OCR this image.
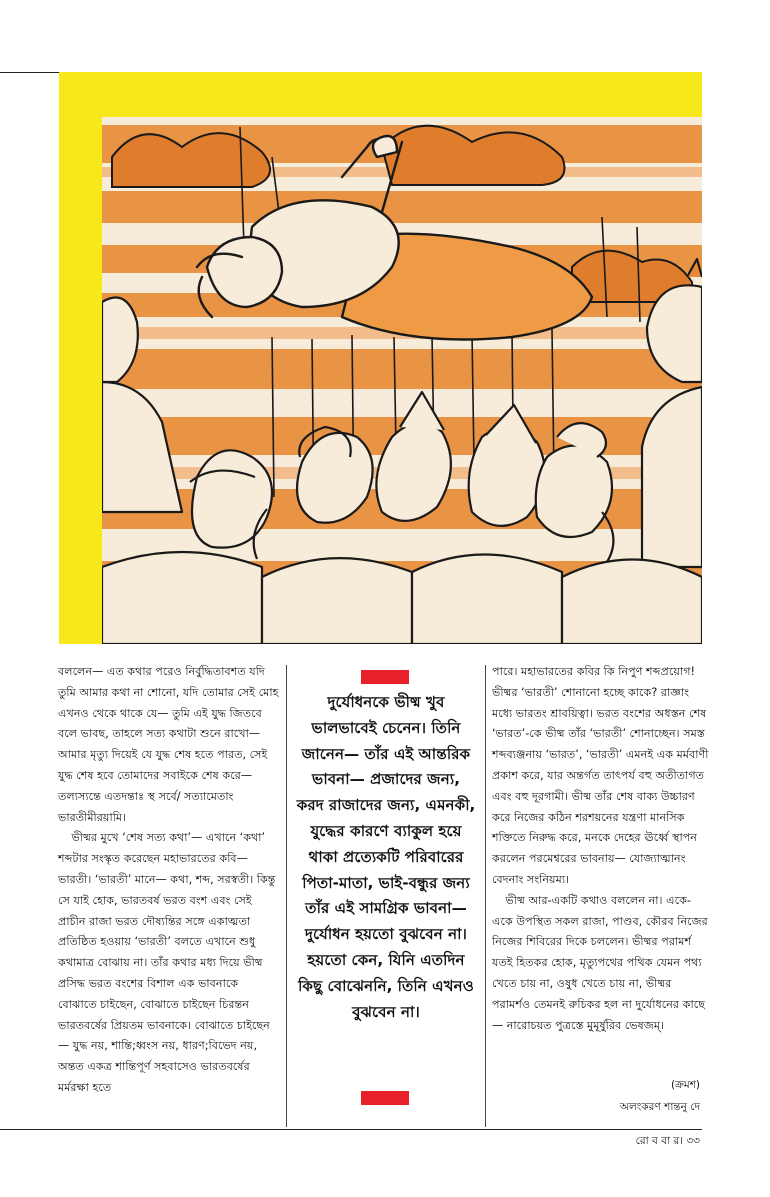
বললেন— এত কথার পরেও নির্বুদ্ধিতাবশত যদি তুমি আমার কথা না শোনো, যদি তোমার সেই মোহ এখনও থেকে থাকে যে— তুমি এই যুদ্ধ জিতবে বলে ভাবছ, তাহলে সত্য কথাটা শুনে রাখো— আমার মৃত্যু দিয়েই যে যুদ্ধ শেষ হতে পারত, সেই যুদ্ধ শেষ হবে তোমাদের সবাইকে শেষ করে— তল্যস্যন্তে এতদন্তাঃ স্থ সর্বে/ সত্যামেতাং ভারতীমীরয়ামি।

ভীষ্মর মুখে ‘শেষ সত্য কথা’— এখানে ‘কথা’ শব্দটার সংস্কৃত করেছেন মহাভারতের কবি— ভারতী। ‘ভারতী’ মানে— কথা, শব্দ, সরস্বতী। কিন্তু সে যাই হোক, ভারতবর্ষ ভরত বংশ এবং সেই প্রাচীন রাজা ভরত দৌষ্যন্তির সঙ্গে একাত্মতা প্রতিষ্ঠিত হওয়ায় ‘ভারতী’ বলতে এখানে শুধু কথামাত্র বোঝায় না। তাঁর কথার মধ্য দিয়ে ভীষ্ম প্রসিদ্ধ ভরত বংশের বিশাল এক ভাবনাকে বোঝাতে চাইছেন, বোঝাতে চাইছেন চিরন্তন ভারতবর্ষের প্রিয়তম ভাবনাকে। বোঝাতে চাইছেন— যুদ্ধ নয়, শান্তি;ধ্বংস নয়, ধারণ;বিভেদ নয়, অন্তত একত্র শান্তিপূর্ণ সহবাসেও ভারতবর্ষের মর্মরক্ষা হতে

দুর্যোধনকে ভীষ্ম খুব ভালভাবেই চেনেন। তিনি জানেন— তাঁর এই আন্তরিক ভাবনা— প্রজাদের জন্য, করদ রাজাদের জন্য, এমনকী, যুদ্ধের কারণে ব্যাকুল হয়ে থাকা প্রত্যেকটি পরিবারের পিতা-মাতা, ভাই-বন্ধুর জন্য তাঁর এই সামগ্রিক ভাবনা— দুর্যোধন হয়তো বুঝবেন না। হয়তো কেন, যিনি এতদিন কিছু বোঝেননি, তিনি এখনও বুঝবেন না।

পারে। মহাভারতের কবির কি নিপুণ শব্দপ্রয়োগ! ভীষ্মর ‘ভারতী’ শোনানো হচ্ছে কাকে? রাজ্ঞাং মধ্যে ভারতং শ্রাবয়িত্বা। ভরত বংশের অধস্তন শেষ ‘ভারত’-কে ভীষ্ম তাঁর ‘ভারতী’ শোনাচ্ছেন। সমস্ত শব্দব্যঞ্জনায় ‘ভারত’, ‘ভারতী’ এমনই এক মর্মবাণী প্রকাশ করে, যার অন্তর্গত তাৎপর্য বহু অতীতাগত এবং বহু দূরগামী। ভীষ্ম তাঁর শেষ বাক্য উচ্চারণ করে নিজের কঠিন শরশয়নের যন্ত্রণা মানসিক শক্তিতে নিরুদ্ধ করে, মনকে দেহের ঊর্ধ্বে স্থাপন করলেন পরমেশ্বরের ভাবনায়— যোজ্যাত্মানং বেদনাং সংনিয়ম্য।

ভীষ্ম আর-একটি কথাও বললেন না। একে-একে উপস্থিত সকল রাজা, পাণ্ডব, কৌরব নিজের নিজের শিবিরের দিকে চললেন। ভীষ্মর পরামর্শ যতই হিতকর হোক, মৃত্যুপথের পথিক যেমন পথ্য খেতে চায় না, ওষুধ খেতে চায় না, ভীষ্মর পরামর্শও তেমনই রুচিকর হল না দুর্যোধনের কাছে— নারোচয়ত পুত্রস্তে মুমূর্ষুরিব ভেষজম্।

(ক্রমশ)
অলংকরণ শান্তনু দে
রো ব বা র। ৩৩
